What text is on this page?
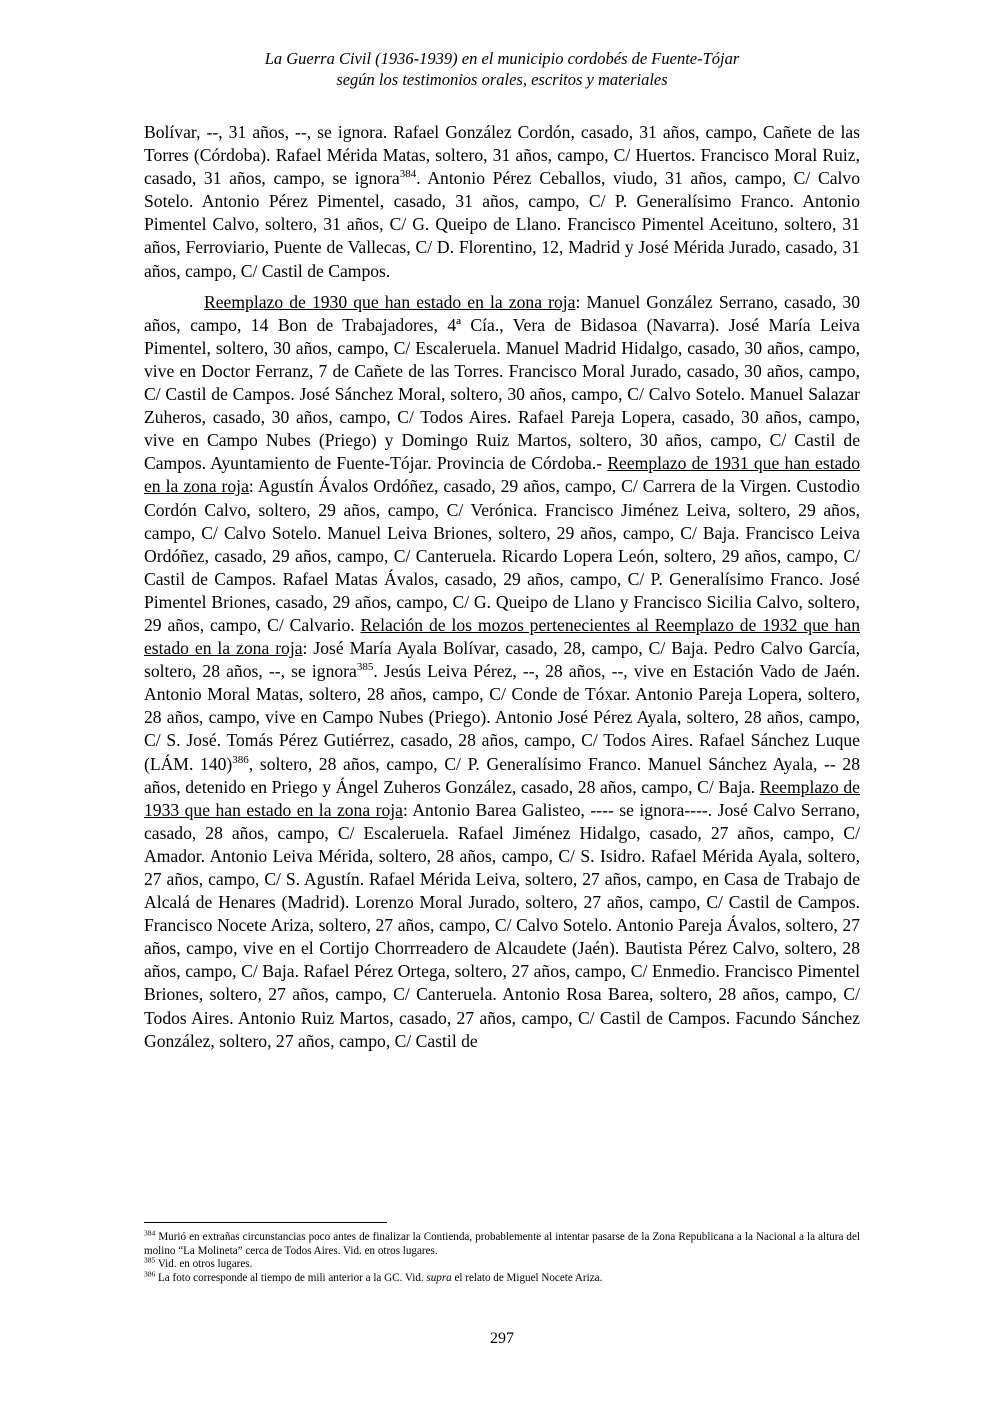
La Guerra Civil (1936-1939) en el municipio cordobés de Fuente-Tójar
según los testimonios orales, escritos y materiales

Bolívar, --, 31 años, --, se ignora. Rafael González Cordón, casado, 31 años, campo, Cañete de las Torres (Córdoba). Rafael Mérida Matas, soltero, 31 años, campo, C/ Huertos. Francisco Moral Ruiz, casado, 31 años, campo, se ignora$^{384}$. Antonio Pérez Ceballos, viudo, 31 años, campo, C/ Calvo Sotelo. Antonio Pérez Pimentel, casado, 31 años, campo, C/ P. Generalísimo Franco. Antonio Pimentel Calvo, soltero, 31 años, C/ G. Queipo de Llano. Francisco Pimentel Aceituno, soltero, 31 años, Ferroviario, Puente de Vallecas, C/ D. Florentino, 12, Madrid y José Mérida Jurado, casado, 31 años, campo, C/ Castil de Campos.

Reemplazo de 1930 que han estado en la zona roja: Manuel González Serrano, casado, 30 años, campo, 14 Bon de Trabajadores, 4ª Cía., Vera de Bidasoa (Navarra). José María Leiva Pimentel, soltero, 30 años, campo, C/ Escaleruela. Manuel Madrid Hidalgo, casado, 30 años, campo, vive en Doctor Ferranz, 7 de Cañete de las Torres. Francisco Moral Jurado, casado, 30 años, campo, C/ Castil de Campos. José Sánchez Moral, soltero, 30 años, campo, C/ Calvo Sotelo. Manuel Salazar Zuheros, casado, 30 años, campo, C/ Todos Aires. Rafael Pareja Lopera, casado, 30 años, campo, vive en Campo Nubes (Priego) y Domingo Ruiz Martos, soltero, 30 años, campo, C/ Castil de Campos. Ayuntamiento de Fuente-Tójar. Provincia de Córdoba.- Reemplazo de 1931 que han estado en la zona roja: Agustín Ávalos Ordóñez, casado, 29 años, campo, C/ Carrera de la Virgen. Custodio Cordón Calvo, soltero, 29 años, campo, C/ Verónica. Francisco Jiménez Leiva, soltero, 29 años, campo, C/ Calvo Sotelo. Manuel Leiva Briones, soltero, 29 años, campo, C/ Baja. Francisco Leiva Ordóñez, casado, 29 años, campo, C/ Canteruela. Ricardo Lopera León, soltero, 29 años, campo, C/ Castil de Campos. Rafael Matas Ávalos, casado, 29 años, campo, C/ P. Generalísimo Franco. José Pimentel Briones, casado, 29 años, campo, C/ G. Queipo de Llano y Francisco Sicilia Calvo, soltero, 29 años, campo, C/ Calvario. Relación de los mozos pertenecientes al Reemplazo de 1932 que han estado en la zona roja: José María Ayala Bolívar, casado, 28, campo, C/ Baja. Pedro Calvo García, soltero, 28 años, --, se ignora$^{385}$. Jesús Leiva Pérez, --, 28 años, --, vive en Estación Vado de Jaén. Antonio Moral Matas, soltero, 28 años, campo, C/ Conde de Tóxar. Antonio Pareja Lopera, soltero, 28 años, campo, vive en Campo Nubes (Priego). Antonio José Pérez Ayala, soltero, 28 años, campo, C/ S. José. Tomás Pérez Gutiérrez, casado, 28 años, campo, C/ Todos Aires. Rafael Sánchez Luque (LÁM. 140)$^{386}$, soltero, 28 años, campo, C/ P. Generalísimo Franco. Manuel Sánchez Ayala, -- 28 años, detenido en Priego y Ángel Zuheros González, casado, 28 años, campo, C/ Baja. Reemplazo de 1933 que han estado en la zona roja: Antonio Barea Galisteo, ---- se ignora----. José Calvo Serrano, casado, 28 años, campo, C/ Escaleruela. Rafael Jiménez Hidalgo, casado, 27 años, campo, C/ Amador. Antonio Leiva Mérida, soltero, 28 años, campo, C/ S. Isidro. Rafael Mérida Ayala, soltero, 27 años, campo, C/ S. Agustín. Rafael Mérida Leiva, soltero, 27 años, campo, en Casa de Trabajo de Alcalá de Henares (Madrid). Lorenzo Moral Jurado, soltero, 27 años, campo, C/ Castil de Campos. Francisco Nocete Ariza, soltero, 27 años, campo, C/ Calvo Sotelo. Antonio Pareja Ávalos, soltero, 27 años, campo, vive en el Cortijo Chorrreadero de Alcaudete (Jaén). Bautista Pérez Calvo, soltero, 28 años, campo, C/ Baja. Rafael Pérez Ortega, soltero, 27 años, campo, C/ Enmedio. Francisco Pimentel Briones, soltero, 27 años, campo, C/ Canteruela. Antonio Rosa Barea, soltero, 28 años, campo, C/ Todos Aires. Antonio Ruiz Martos, casado, 27 años, campo, C/ Castil de Campos. Facundo Sánchez González, soltero, 27 años, campo, C/ Castil de

$^{384}$ Murió en extrañas circunstancias poco antes de finalizar la Contienda, probablemente al intentar pasarse de la Zona Republicana a la Nacional a la altura del molino “La Molineta” cerca de Todos Aires. Vid. en otros lugares.

$^{385}$ Vid. en otros lugares.

$^{386}$ La foto corresponde al tiempo de mili anterior a la GC. Vid. supra el relato de Miguel Nocete Ariza.

297
